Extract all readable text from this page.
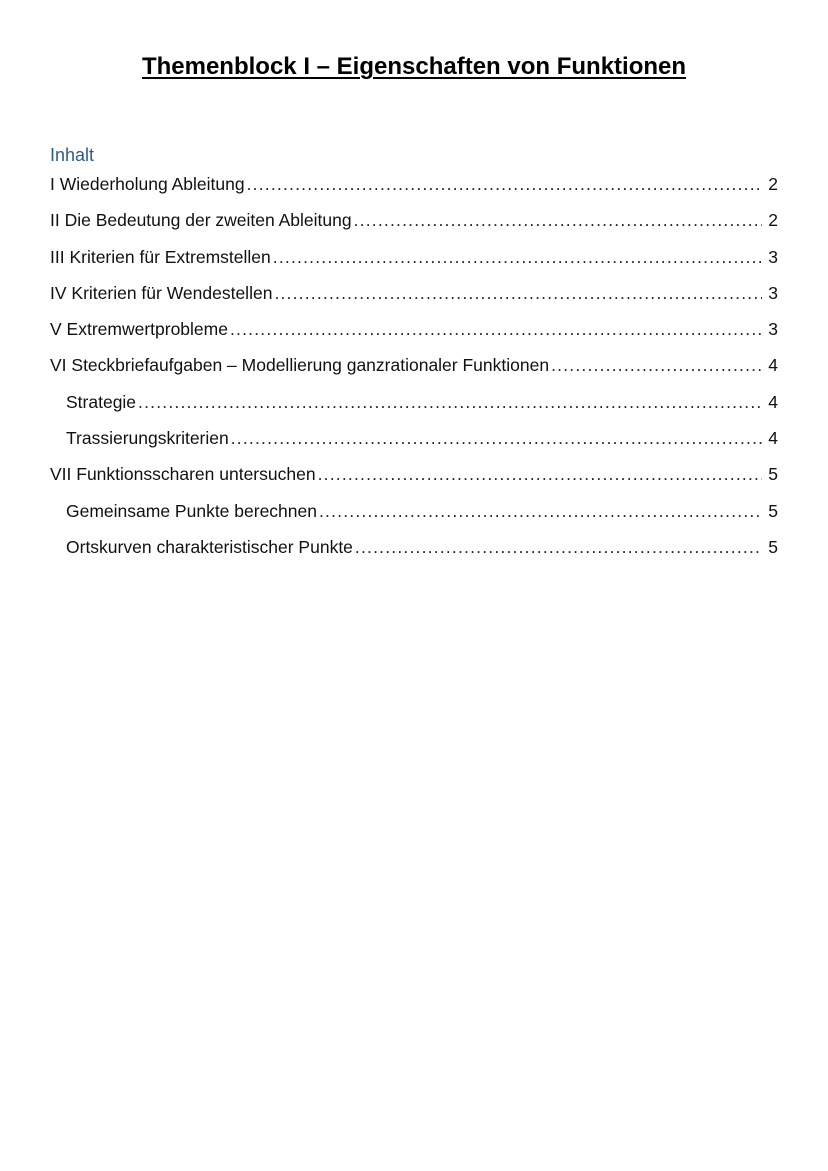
Themenblock I – Eigenschaften von Funktionen
Inhalt
I Wiederholung Ableitung .....	2
II Die Bedeutung der zweiten Ableitung .....	2
III Kriterien für Extremstellen .....	3
IV Kriterien für Wendestellen .....	3
V Extremwertprobleme .....	3
VI Steckbriefaufgaben – Modellierung ganzrationaler Funktionen .....	4
Strategie .....	4
Trassierungskriterien .....	4
VII Funktionsscharen untersuchen .....	5
Gemeinsame Punkte berechnen .....	5
Ortskurven charakteristischer Punkte .....	5
